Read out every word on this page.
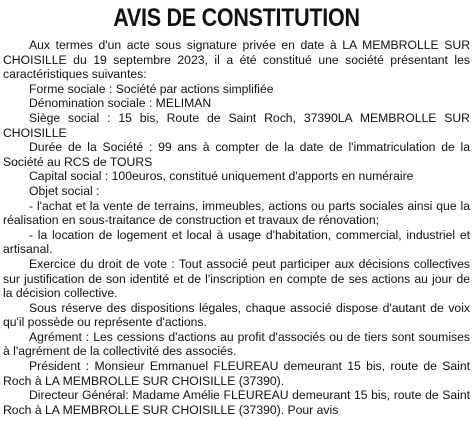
AVIS DE CONSTITUTION

Aux termes d'un acte sous signature privée en date à LA MEMBROLLE SUR CHOISILLE du 19 septembre 2023, il a été constitué une société présentant les caractéristiques suivantes:

Forme sociale : Société par actions simplifiée

Dénomination sociale : MELIMAN

Siège social : 15 bis, Route de Saint Roch, 37390LA MEMBROLLE SUR CHOISILLE

Durée de la Société : 99 ans à compter de la date de l'immatriculation de la Société au RCS de TOURS

Capital social : 100euros, constitué uniquement d'apports en numéraire

Objet social :

- l'achat et la vente de terrains, immeubles, actions ou parts sociales ainsi que la réalisation en sous-traitance de construction et travaux de rénovation;

- la location de logement et local à usage d'habitation, commercial, industriel et artisanal.

Exercice du droit de vote : Tout associé peut participer aux décisions collectives sur justification de son identité et de l'inscription en compte de ses actions au jour de la décision collective.

Sous réserve des dispositions légales, chaque associé dispose d'autant de voix qu'il possède ou représente d'actions.

Agrément : Les cessions d'actions au profit d'associés ou de tiers sont soumises à l'agrément de la collectivité des associés.

Président : Monsieur Emmanuel FLEUREAU demeurant 15 bis, route de Saint Roch à LA MEMBROLLE SUR CHOISILLE (37390).

Directeur Général: Madame Amélie FLEUREAU demeurant 15 bis, route de Saint Roch à LA MEMBROLLE SUR CHOISILLE (37390). Pour avis
